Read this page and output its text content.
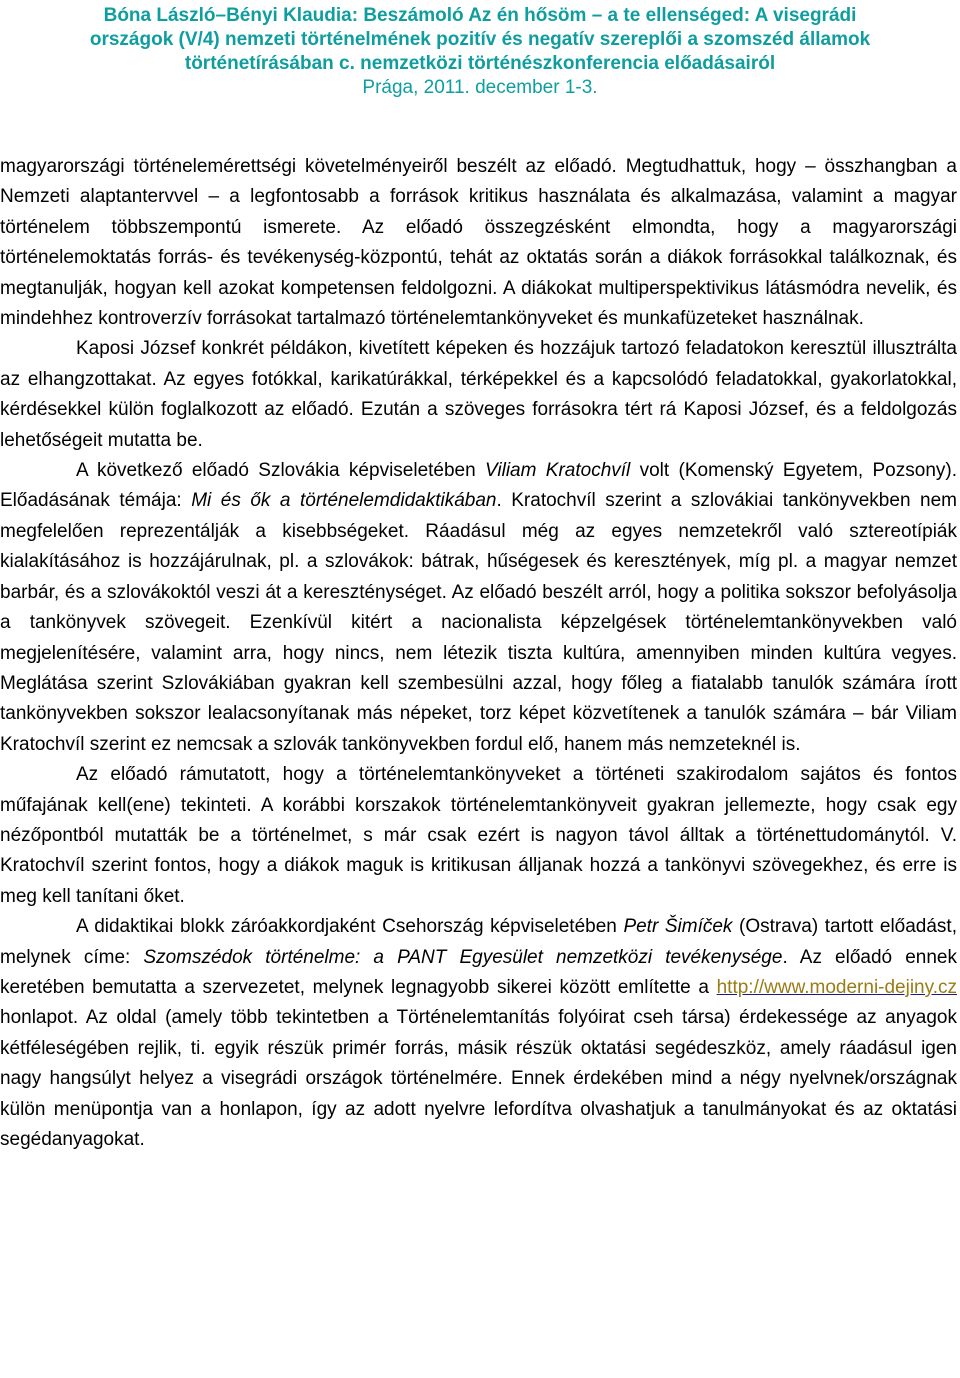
Bóna László–Bényi Klaudia: Beszámoló Az én hősöm – a te ellenséged: A visegrádi
országok (V/4) nemzeti történelmének pozitív és negatív szereplői a szomszéd államok
történetírásában c. nemzetközi történészkonferencia előadásairól
Prága, 2011. december 1-3.

magyarországi történelemérettségi követelményeiről beszélt az előadó. Megtudhattuk, hogy – összhangban a Nemzeti alaptantervvel – a legfontosabb a források kritikus használata és alkalmazása, valamint a magyar történelem többszempontú ismerete. Az előadó összegzésként elmondta, hogy a magyarországi történelemoktatás forrás- és tevékenység-központú, tehát az oktatás során a diákok forrásokkal találkoznak, és megtanulják, hogyan kell azokat kompetensen feldolgozni. A diákokat multiperspektivikus látásmódra nevelik, és mindehhez kontroverzív forrásokat tartalmazó történelemtankönyveket és munkafüzeteket használnak.

Kaposi József konkrét példákon, kivetített képeken és hozzájuk tartozó feladatokon keresztül illusztrálta az elhangzottakat. Az egyes fotókkal, karikatúrákkal, térképekkel és a kapcsolódó feladatokkal, gyakorlatokkal, kérdésekkel külön foglalkozott az előadó. Ezután a szöveges forrásokra tért rá Kaposi József, és a feldolgozás lehetőségeit mutatta be.

A következő előadó Szlovákia képviseletében Viliam Kratochvíl volt (Komenský Egyetem, Pozsony). Előadásának témája: Mi és ők a történelemdidaktikában. Kratochvíl szerint a szlovákiai tankönyvekben nem megfelelően reprezentálják a kisebbségeket. Ráadásul még az egyes nemzetekről való sztereotípiák kialakításához is hozzájárulnak, pl. a szlovákok: bátrak, hűségesek és keresztények, míg pl. a magyar nemzet barbár, és a szlovákoktól veszi át a kereszténységet. Az előadó beszélt arról, hogy a politika sokszor befolyásolja a tankönyvek szövegeit. Ezenkívül kitért a nacionalista képzelgések történelemtankönyvekben való megjelenítésére, valamint arra, hogy nincs, nem létezik tiszta kultúra, amennyiben minden kultúra vegyes. Meglátása szerint Szlovákiában gyakran kell szembesülni azzal, hogy főleg a fiatalabb tanulók számára írott tankönyvekben sokszor lealacsonyítanak más népeket, torz képet közvetítenek a tanulók számára – bár Viliam Kratochvíl szerint ez nemcsak a szlovák tankönyvekben fordul elő, hanem más nemzeteknél is.

Az előadó rámutatott, hogy a történelemtankönyveket a történeti szakirodalom sajátos és fontos műfajának kell(ene) tekinteti. A korábbi korszakok történelemtankönyveit gyakran jellemezte, hogy csak egy nézőpontból mutatták be a történelmet, s már csak ezért is nagyon távol álltak a történettudománytól. V. Kratochvíl szerint fontos, hogy a diákok maguk is kritikusan álljanak hozzá a tankönyvi szövegekhez, és erre is meg kell tanítani őket.

A didaktikai blokk záróakkordjaként Csehország képviseletében Petr Šimíček (Ostrava) tartott előadást, melynek címe: Szomszédok történelme: a PANT Egyesület nemzetközi tevékenysége. Az előadó ennek keretében bemutatta a szervezetet, melynek legnagyobb sikerei között említette a http://www.moderni-dejiny.cz honlapot. Az oldal (amely több tekintetben a Történelemtanítás folyóirat cseh társa) érdekessége az anyagok kétféleségében rejlik, ti. egyik részük primér forrás, másik részük oktatási segédeszköz, amely ráadásul igen nagy hangsúlyt helyez a visegrádi országok történelmére. Ennek érdekében mind a négy nyelvnek/országnak külön menüpontja van a honlapon, így az adott nyelvre lefordítva olvashatjuk a tanulmányokat és az oktatási segédanyagokat.
